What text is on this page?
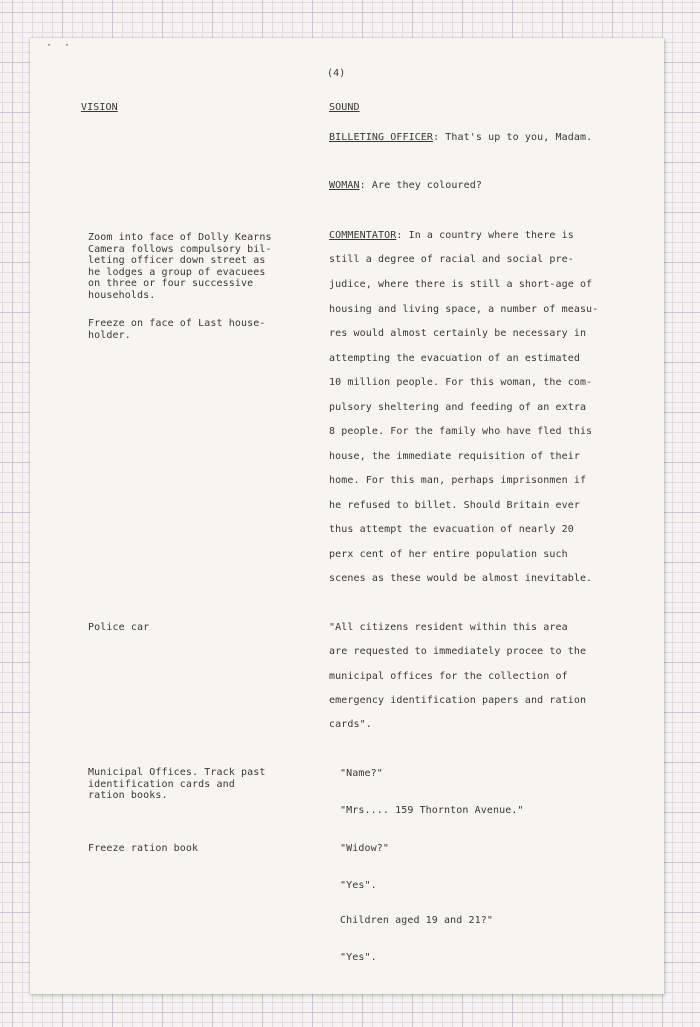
·  ·

(4)

VISION	SOUND

BILLETING OFFICER: That's up to you, Madam.

WOMAN: Are they coloured?

COMMENTATOR: In a country where there is

still a degree of racial and social pre-

judice, where there is still a short-age of

housing and living space, a number of measu-

res would almost certainly be necessary in

attempting the evacuation of an estimated

10 million people. For this woman, the com-

pulsory sheltering and feeding of an extra

8 people. For the family who have fled this

house, the immediate requisition of their

home. For this man, perhaps imprisonmen if

he refused to billet. Should Britain ever

thus attempt the evacuation of nearly 20

perx cent of her entire population such

scenes as these would be almost inevitable.

"All citizens resident within this area

are requested to immediately procee to the

municipal offices for the collection of

emergency identification papers and ration

cards".

"Name?"

"Mrs.... 159 Thornton Avenue."

"Widow?"

"Yes".

Children aged 19 and 21?"

"Yes".

Zoom into face of Dolly Kearns
Camera follows compulsory bil-
leting officer down street as
he lodges a group of evacuees
on three or four successive
households.
Freeze on face of Last house-
holder.
Police car
Municipal Offices. Track past
identification cards and
ration books.
Freeze ration book
